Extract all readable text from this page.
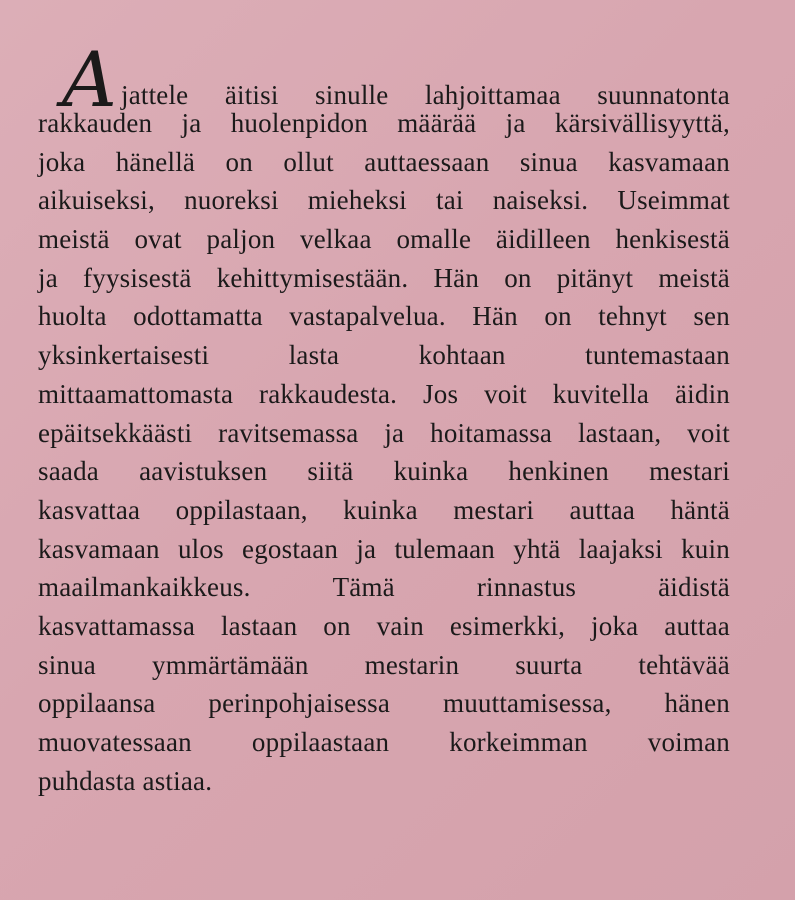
A jattele äitisi sinulle lahjoittamaa suunnatonta
rakkauden ja huolenpidon määrää ja kärsivällisyyttä,
joka hänellä on ollut auttaessaan sinua kasvamaan
aikuiseksi, nuoreksi mieheksi tai naiseksi. Useimmat
meistä ovat paljon velkaa omalle äidilleen henkisestä
ja fyysisestä kehittymisestään. Hän on pitänyt meistä
huolta odottamatta vastapalvelua. Hän on tehnyt sen
yksinkertaisesti	lasta	kohtaan	tuntemastaan
mittaamattomasta rakkaudesta. Jos voit kuvitella äidin
epäitsekkäästi ravitsemassa ja hoitamassa lastaan, voit
saada aavistuksen siitä kuinka henkinen mestari
kasvattaa oppilastaan, kuinka mestari auttaa häntä
kasvamaan ulos egostaan ja tulemaan yhtä laajaksi kuin
maailmankaikkeus.	Tämä	rinnastus	äidistä
kasvattamassa lastaan on vain esimerkki, joka auttaa
sinua ymmärtämään mestarin suurta tehtävää
oppilaansa perinpohjaisessa muuttamisessa, hänen
muovatessaan oppilaastaan korkeimman voiman
puhdasta astiaa.
